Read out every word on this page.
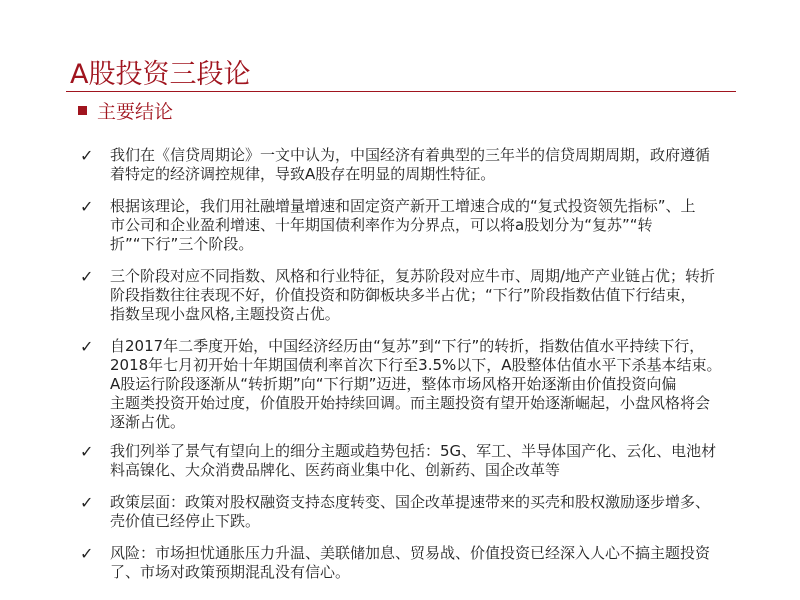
A股投资三段论
主要结论
✓	我们在《信贷周期论》一文中认为，中国经济有着典型的三年半的信贷周期周期，政府遵循
着特定的经济调控规律，导致A股存在明显的周期性特征。
✓	根据该理论，我们用社融增量增速和固定资产新开工增速合成的“复式投资领先指标”、上
市公司和企业盈利增速、十年期国债利率作为分界点，可以将a股划分为“复苏”“转
折”“下行”三个阶段。
✓	三个阶段对应不同指数、风格和行业特征，复苏阶段对应牛市、周期/地产产业链占优；转折
阶段指数往往表现不好，价值投资和防御板块多半占优；“下行”阶段指数估值下行结束，
指数呈现小盘风格,主题投资占优。
✓	自2017年二季度开始，中国经济经历由“复苏”到“下行”的转折，指数估值水平持续下行，
2018年七月初开始十年期国债利率首次下行至3.5%以下，A股整体估值水平下杀基本结束。
A股运行阶段逐渐从“转折期”向“下行期”迈进，整体市场风格开始逐渐由价值投资向偏
主题类投资开始过度，价值股开始持续回调。而主题投资有望开始逐渐崛起，小盘风格将会
逐渐占优。
✓	我们列举了景气有望向上的细分主题或趋势包括：5G、军工、半导体国产化、云化、电池材
料高镍化、大众消费品牌化、医药商业集中化、创新药、国企改革等
✓	政策层面：政策对股权融资支持态度转变、国企改革提速带来的买壳和股权激励逐步增多、
壳价值已经停止下跌。
✓	风险：市场担忧通胀压力升温、美联储加息、贸易战、价值投资已经深入人心不搞主题投资
了、市场对政策预期混乱没有信心。
